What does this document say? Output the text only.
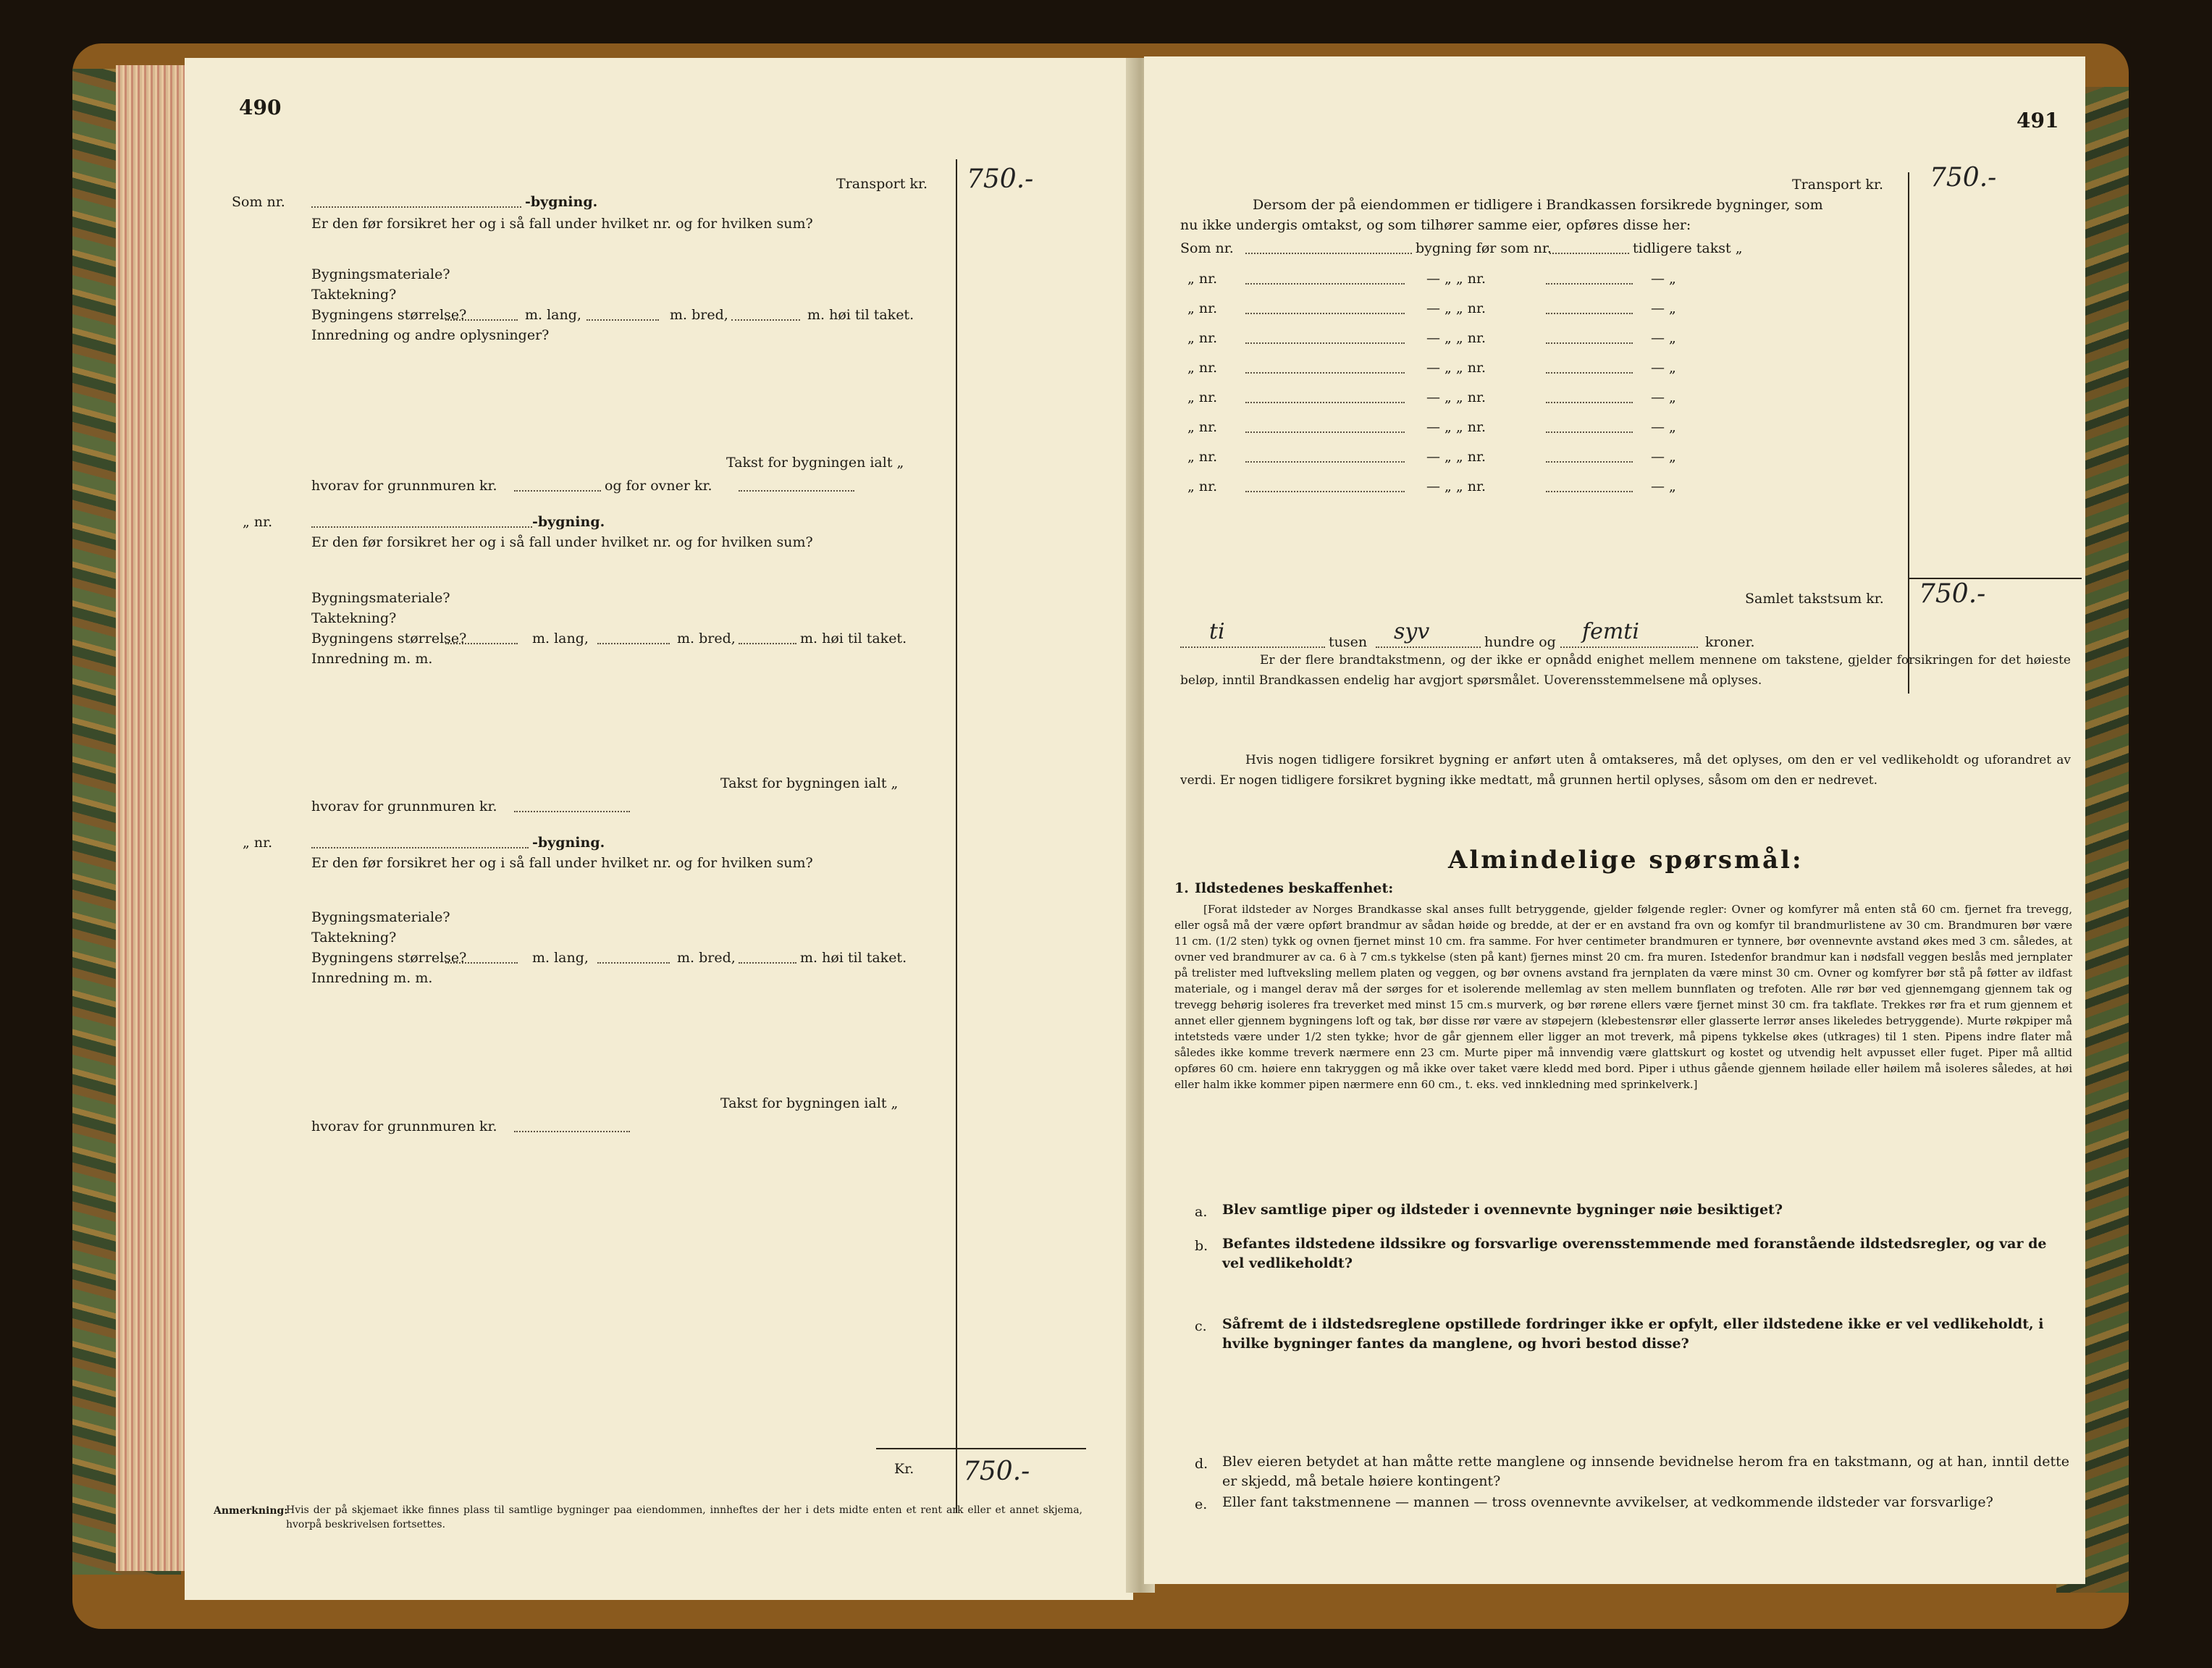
490
Transport kr. 750.-
Som nr.	-bygning.
Er den før forsikret her og i så fall under hvilket nr. og for hvilken sum?
Bygningsmateriale?
Taktekning?
Bygningens størrelse?	m. lang,	m. bred,	m. høi til taket.
Innredning og andre oplysninger?
Takst for bygningen ialt „
hvorav for grunnmuren kr.	og for ovner kr.
„ nr.	-bygning.
Er den før forsikret her og i så fall under hvilket nr. og for hvilken sum?
Bygningsmateriale?
Taktekning?
Bygningens størrelse?	m. lang,	m. bred,	m. høi til taket.
Innredning m. m.
Takst for bygningen ialt „
hvorav for grunnmuren kr.
„ nr.	-bygning.
Er den før forsikret her og i så fall under hvilket nr. og for hvilken sum?
Bygningsmateriale?
Taktekning?
Bygningens størrelse?	m. lang,	m. bred,	m. høi til taket.
Innredning m. m.
Takst for bygningen ialt „
hvorav for grunnmuren kr.
Kr. 750.-
Anmerkning:
Hvis der på skjemaet ikke finnes plass til samtlige bygninger paa eiendommen, innheftes der her i dets midte enten et rent ark eller et annet skjema, hvorpå beskrivelsen fortsettes.
491
Transport kr. 750.-
Dersom der på eiendommen er tidligere i Brandkassen forsikrede bygninger, som
nu ikke undergis omtakst, og som tilhører samme eier, opføres disse her:
Som nr.	bygning før som nr.	tidligere takst „
„ nr.	— „ „ nr.	— „
„ nr.	— „ „ nr.	— „
„ nr.	— „ „ nr.	— „
„ nr.	— „ „ nr.	— „
„ nr.	— „ „ nr.	— „
„ nr.	— „ „ nr.	— „
„ nr.	— „ „ nr.	— „
„ nr.	— „ „ nr.	— „
Samlet takstsum kr. 750.-
ti	tusen syv	hundre og femti	kroner.
Er der flere brandtakstmenn, og der ikke er opnådd enighet mellem mennene om takstene, gjelder forsikringen for det høieste beløp, inntil Brandkassen endelig har avgjort spørsmålet. Uoverensstemmelsene må oplyses.
Hvis nogen tidligere forsikret bygning er anført uten å omtakseres, må det oplyses, om den er vel vedlikeholdt og uforandret av verdi. Er nogen tidligere forsikret bygning ikke medtatt, må grunnen hertil oplyses, såsom om den er nedrevet.
Almindelige spørsmål:
1. Ildstedenes beskaffenhet:
[Forat ildsteder av Norges Brandkasse skal anses fullt betryggende, gjelder følgende regler: Ovner og komfyrer må enten stå 60 cm. fjernet fra trevegg, eller også må der være opført brandmur av sådan høide og bredde, at der er en avstand fra ovn og komfyr til brandmurlistene av 30 cm. Brandmuren bør være 11 cm. (1/2 sten) tykk og ovnen fjernet minst 10 cm. fra samme. For hver centimeter brandmuren er tynnere, bør ovennevnte avstand økes med 3 cm. således, at ovner ved brandmurer av ca. 6 à 7 cm.s tykkelse (sten på kant) fjernes minst 20 cm. fra muren. Istedenfor brandmur kan i nødsfall veggen beslås med jernplater på trelister med luftveksling mellem platen og veggen, og bør ovnens avstand fra jernplaten da være minst 30 cm. Ovner og komfyrer bør stå på føtter av ildfast materiale, og i mangel derav må der sørges for et isolerende mellemlag av sten mellem bunnflaten og trefoten. Alle rør bør ved gjennemgang gjennem tak og trevegg behørig isoleres fra treverket med minst 15 cm.s murverk, og bør rørene ellers være fjernet minst 30 cm. fra takflate. Trekkes rør fra et rum gjennem et annet eller gjennem bygningens loft og tak, bør disse rør være av støpejern (klebestensrør eller glasserte lerrør anses likeledes betryggende). Murte røkpiper må intetsteds være under 1/2 sten tykke; hvor de går gjennem eller ligger an mot treverk, må pipens tykkelse økes (utkrages) til 1 sten. Pipens indre flater må således ikke komme treverk nærmere enn 23 cm. Murte piper må innvendig være glattskurt og kostet og utvendig helt avpusset eller fuget. Piper må alltid opføres 60 cm. høiere enn takryggen og må ikke over taket være kledd med bord. Piper i uthus gående gjennem høilade eller høilem må isoleres således, at høi eller halm ikke kommer pipen nærmere enn 60 cm., t. eks. ved innkledning med sprinkelverk.]
a. Blev samtlige piper og ildsteder i ovennevnte bygninger nøie besiktiget?
b. Befantes ildstedene ildssikre og forsvarlige overensstemmende med foranstående ildstedsregler, og var de vel vedlikeholdt?
c. Såfremt de i ildstedsreglene opstillede fordringer ikke er opfylt, eller ildstedene ikke er vel vedlikeholdt, i hvilke bygninger fantes da manglene, og hvori bestod disse?
d. Blev eieren betydet at han måtte rette manglene og innsende bevidnelse herom fra en takstmann, og at han, inntil dette er skjedd, må betale høiere kontingent?
e. Eller fant takstmennene — mannen — tross ovennevnte avvikelser, at vedkommende ildsteder var forsvarlige?
